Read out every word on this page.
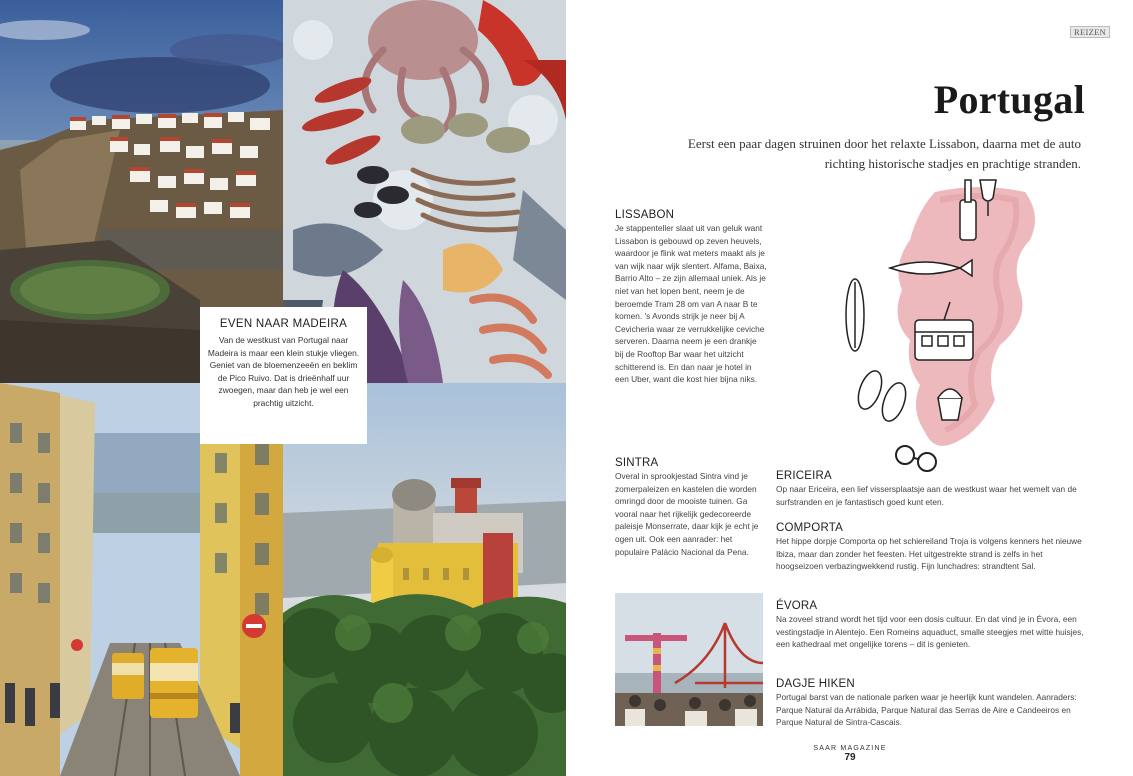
EVEN NAAR MADEIRA

Van de westkust van Portugal naar Madeira is maar een klein stukje vliegen. Geniet van de bloemenzeeën en beklim de Pico Ruivo. Dat is drieënhalf uur zwoegen, maar dan heb je wel een prachtig uitzicht.

REIZEN
Portugal

Eerst een paar dagen struinen door het relaxte Lissabon, daarna met de auto richting historische stadjes en prachtige stranden.

LISSABON

Je stappenteller slaat uit van geluk want Lissabon is gebouwd op zeven heuvels, waardoor je flink wat meters maakt als je van wijk naar wijk slentert. Alfama, Baixa, Barrio Alto – ze zijn allemaal uniek. Als je niet van het lopen bent, neem je de beroemde Tram 28 om van A naar B te komen. 's Avonds strijk je neer bij A Cevicheria waar ze verrukkelijke ceviche serveren. Daarna neem je een drankje bij de Rooftop Bar waar het uitzicht schitterend is. En dan naar je hotel in een Uber, want die kost hier bijna niks.

SINTRA

Overal in sprookjestad Sintra vind je zomerpaleizen en kastelen die worden omringd door de mooiste tuinen. Ga vooral naar het rijkelijk gedecoreerde paleisje Monserrate, daar kijk je echt je ogen uit. Ook een aanrader: het populaire Palácio Nacional da Pena.

ERICEIRA

Op naar Ericeira, een lief vissersplaatsje aan de westkust waar het wemelt van de surfstranden en je fantastisch goed kunt eten.

COMPORTA

Het hippe dorpje Comporta op het schiereiland Troja is volgens kenners het nieuwe Ibiza, maar dan zonder het feesten. Het uitgestrekte strand is zelfs in het hoogseizoen verbazingwekkend rustig. Fijn lunchadres: strandtent Sal.

ÉVORA

Na zoveel strand wordt het tijd voor een dosis cultuur. En dat vind je in Évora, een vestingstadje in Alentejo. Een Romeins aquaduct, smalle steegjes met witte huisjes, een kathedraal met ongelijke torens – dit is genieten.

DAGJE HIKEN

Portugal barst van de nationale parken waar je heerlijk kunt wandelen. Aanraders: Parque Natural da Arrábida, Parque Natural das Serras de Aire e Candeeiros en Parque Natural de Sintra-Cascais.

SAAR MAGAZINE
79
